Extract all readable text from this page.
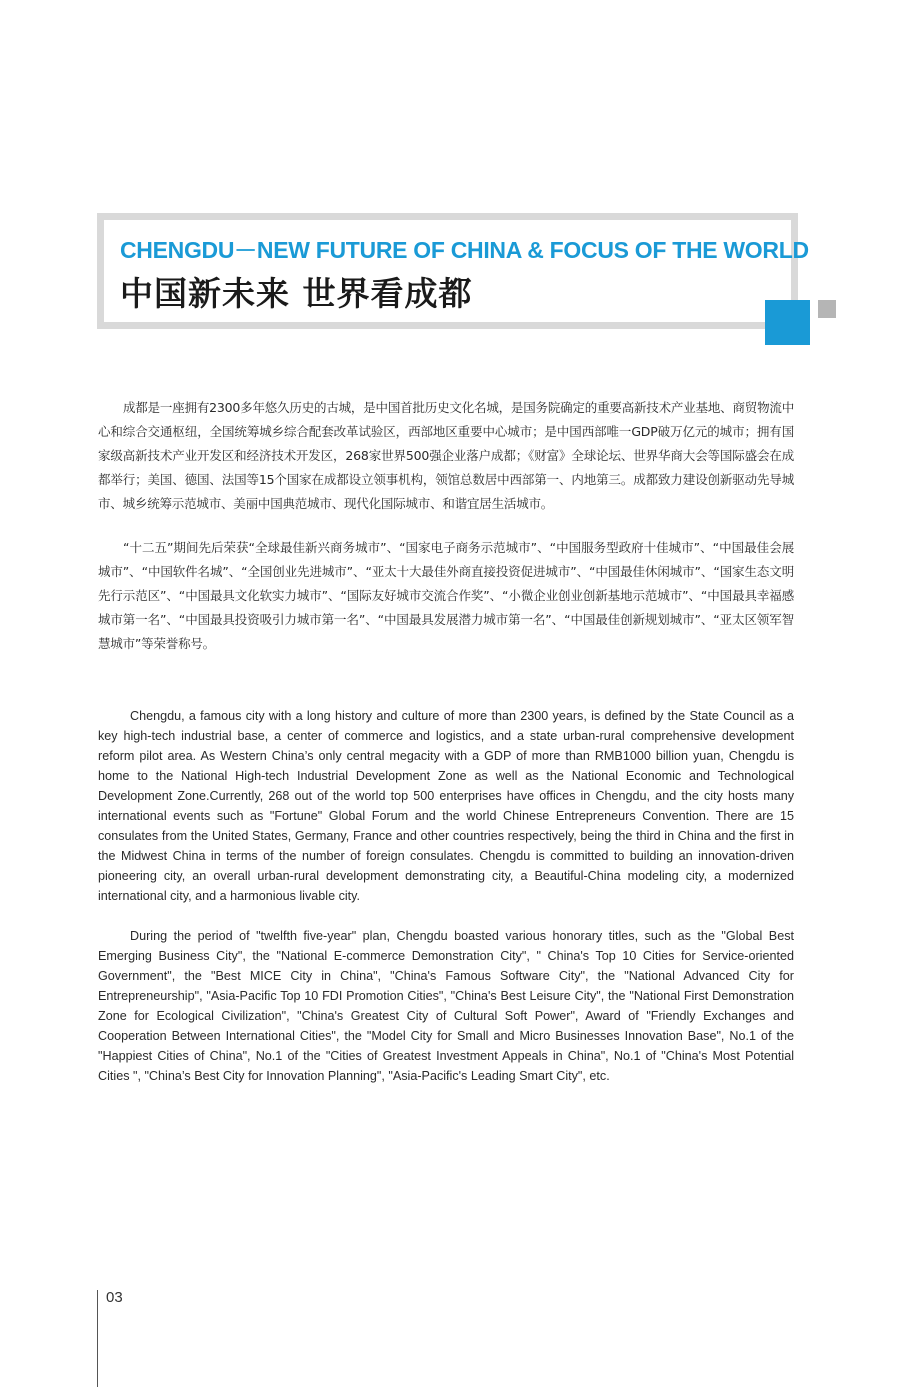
CHENGDU－NEW FUTURE OF CHINA & FOCUS OF THE WORLD
中国新未来 世界看成都

成都是一座拥有2300多年悠久历史的古城，是中国首批历史文化名城，是国务院确定的重要高新技术产业基地、商贸物流中心和综合交通枢纽，全国统筹城乡综合配套改革试验区，西部地区重要中心城市；是中国西部唯一GDP破万亿元的城市；拥有国家级高新技术产业开发区和经济技术开发区，268家世界500强企业落户成都；《财富》全球论坛、世界华商大会等国际盛会在成都举行；美国、德国、法国等15个国家在成都设立领事机构，领馆总数居中西部第一、内地第三。成都致力建设创新驱动先导城市、城乡统筹示范城市、美丽中国典范城市、现代化国际城市、和谐宜居生活城市。

“十二五”期间先后荣获“全球最佳新兴商务城市”、“国家电子商务示范城市”、“中国服务型政府十佳城市”、“中国最佳会展城市”、“中国软件名城”、“全国创业先进城市”、“亚太十大最佳外商直接投资促进城市”、“中国最佳休闲城市”、“国家生态文明先行示范区”、“中国最具文化软实力城市”、“国际友好城市交流合作奖”、“小微企业创业创新基地示范城市”、“中国最具幸福感城市第一名”、“中国最具投资吸引力城市第一名”、“中国最具发展潜力城市第一名”、“中国最佳创新规划城市”、“亚太区领军智慧城市”等荣誉称号。

Chengdu, a famous city with a long history and culture of more than 2300 years, is defined by the State Council as a key high-tech industrial base, a center of commerce and logistics, and a state urban-rural comprehensive development reform pilot area. As Western China’s only central megacity with a GDP of more than RMB1000 billion yuan, Chengdu is home to the National High-tech Industrial Development Zone as well as the National Economic and Technological Development Zone.Currently, 268 out of the world top 500 enterprises have offices in Chengdu, and the city hosts many international events such as "Fortune" Global Forum and the world Chinese Entrepreneurs Convention. There are 15 consulates from the United States, Germany, France and other countries respectively, being the third in China and the first in the Midwest China in terms of the number of foreign consulates. Chengdu is committed to building an innovation-driven pioneering city, an overall urban-rural development demonstrating city, a Beautiful-China modeling city, a modernized international city, and a harmonious livable city.

During the period of "twelfth five-year" plan, Chengdu boasted various honorary titles, such as the "Global Best Emerging Business City", the "National E-commerce Demonstration City", " China's Top 10 Cities for Service-oriented Government", the "Best MICE City in China", "China's Famous Software City", the "National Advanced City for Entrepreneurship", "Asia-Pacific Top 10 FDI Promotion Cities", "China's Best Leisure City", the "National First Demonstration Zone for Ecological Civilization", "China's Greatest City of Cultural Soft Power", Award of "Friendly Exchanges and Cooperation Between International Cities", the "Model City for Small and Micro Businesses Innovation Base", No.1 of the "Happiest Cities of China", No.1 of the "Cities of Greatest Investment Appeals in China", No.1 of "China's Most Potential Cities ", "China’s Best City for Innovation Planning", "Asia-Pacific's Leading Smart City", etc.

03
